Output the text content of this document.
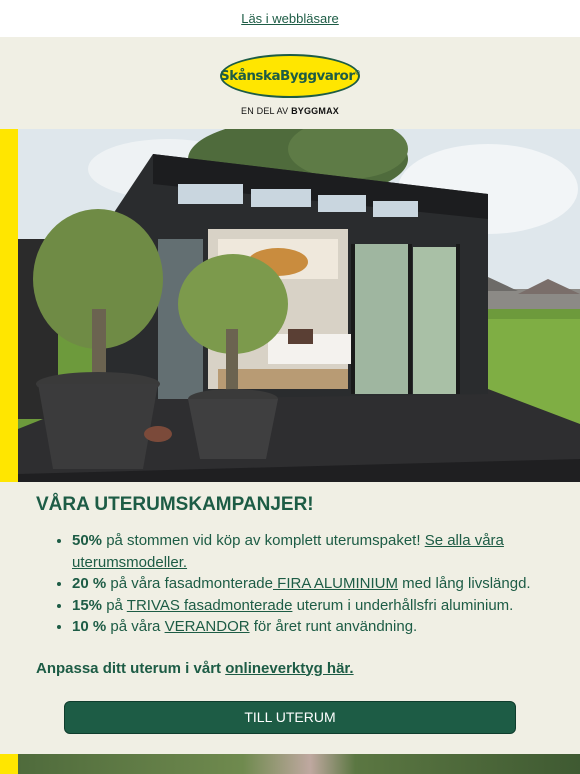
Läs i webbläsare
SkånskaByggvaror®
EN DEL AV BYGGMAX
VÅRA UTERUMSKAMPANJER!
• 50% på stommen vid köp av komplett uterumspaket! Se alla våra uterumsmodeller.
• 20 % på våra fasadmonterade FIRA ALUMINIUM med lång livslängd.
• 15% på TRIVAS fasadmonterade uterum i underhållsfri aluminium.
• 10 % på våra VERANDOR för året runt användning.

Anpassa ditt uterum i vårt onlineverktyg här.

TILL UTERUM
